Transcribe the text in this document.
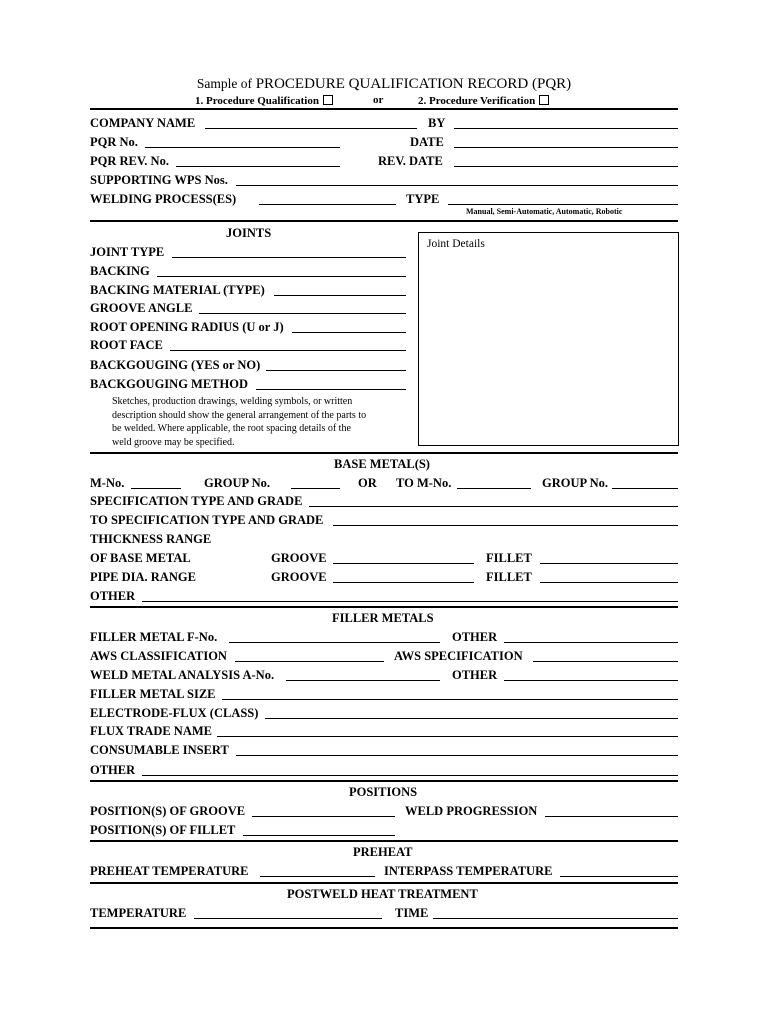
Sample of PROCEDURE QUALIFICATION RECORD (PQR)
1. Procedure Qualification	or	2. Procedure Verification
COMPANY NAME	BY
PQR No.	DATE
PQR REV. No.	REV. DATE
SUPPORTING WPS Nos.
WELDING PROCESS(ES)	TYPE
Manual, Semi-Automatic, Automatic, Robotic
JOINTS
JOINT TYPE
BACKING
BACKING MATERIAL (TYPE)
GROOVE ANGLE
ROOT OPENING RADIUS (U or J)
ROOT FACE
BACKGOUGING (YES or NO)
BACKGOUGING METHOD
Sketches, production drawings, welding symbols, or written
description should show the general arrangement of the parts to
be welded. Where applicable, the root spacing details of the
weld groove may be specified.
Joint Details
BASE METAL(S)
M-No.	GROUP No.	OR TO M-No.	GROUP No.
SPECIFICATION TYPE AND GRADE
TO SPECIFICATION TYPE AND GRADE
THICKNESS RANGE
OF BASE METAL	GROOVE	FILLET
PIPE DIA. RANGE	GROOVE	FILLET
OTHER
FILLER METALS
FILLER METAL F-No.	OTHER
AWS CLASSIFICATION	AWS SPECIFICATION
WELD METAL ANALYSIS A-No.	OTHER
FILLER METAL SIZE
ELECTRODE-FLUX (CLASS)
FLUX TRADE NAME
CONSUMABLE INSERT
OTHER
POSITIONS
POSITION(S) OF GROOVE	WELD PROGRESSION
POSITION(S) OF FILLET
PREHEAT
PREHEAT TEMPERATURE	INTERPASS TEMPERATURE
POSTWELD HEAT TREATMENT
TEMPERATURE	TIME
